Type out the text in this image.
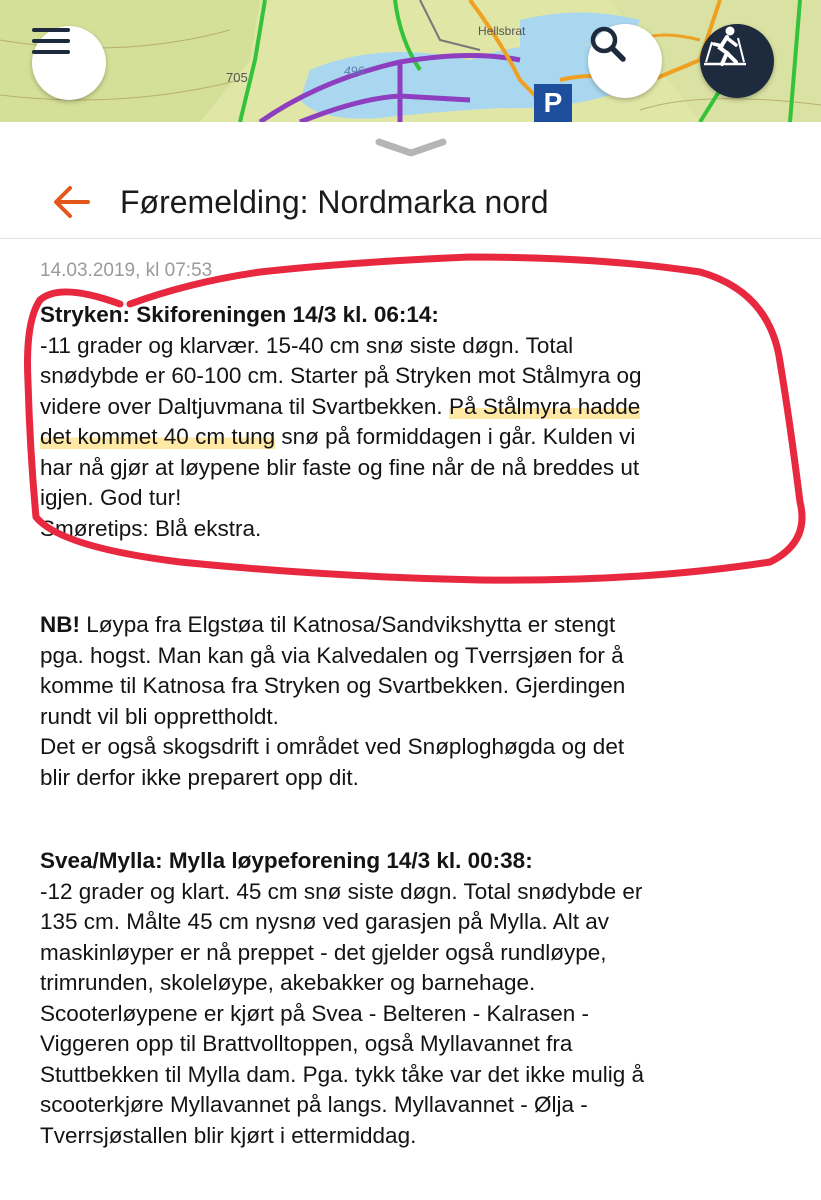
705	496
Hellsbrat
P
Føremelding: Nordmarka nord
14.03.2019, kl 07:53
Stryken: Skiforeningen 14/3 kl. 06:14:
-11 grader og klarvær. 15-40 cm snø siste døgn. Total
snødybde er 60-100 cm. Starter på Stryken mot Stålmyra og
videre over Daltjuvmana til Svartbekken. På Stålmyra hadde
det kommet 40 cm tung snø på formiddagen i går. Kulden vi
har nå gjør at løypene blir faste og fine når de nå breddes ut
igjen. God tur!
Smøretips: Blå ekstra.
NB! Løypa fra Elgstøa til Katnosa/Sandvikshytta er stengt
pga. hogst. Man kan gå via Kalvedalen og Tverrsjøen for å
komme til Katnosa fra Stryken og Svartbekken. Gjerdingen
rundt vil bli opprettholdt.
Det er også skogsdrift i området ved Snøploghøgda og det
blir derfor ikke preparert opp dit.
Svea/Mylla: Mylla løypeforening 14/3 kl. 00:38:
-12 grader og klart. 45 cm snø siste døgn. Total snødybde er
135 cm. Målte 45 cm nysnø ved garasjen på Mylla. Alt av
maskinløyper er nå preppet - det gjelder også rundløype,
trimrunden, skoleløype, akebakker og barnehage.
Scooterløypene er kjørt på Svea - Belteren - Kalrasen -
Viggeren opp til Brattvolltoppen, også Myllavannet fra
Stuttbekken til Mylla dam. Pga. tykk tåke var det ikke mulig å
scooterkjøre Myllavannet på langs. Myllavannet - Ølja -
Tverrsjøstallen blir kjørt i ettermiddag.
